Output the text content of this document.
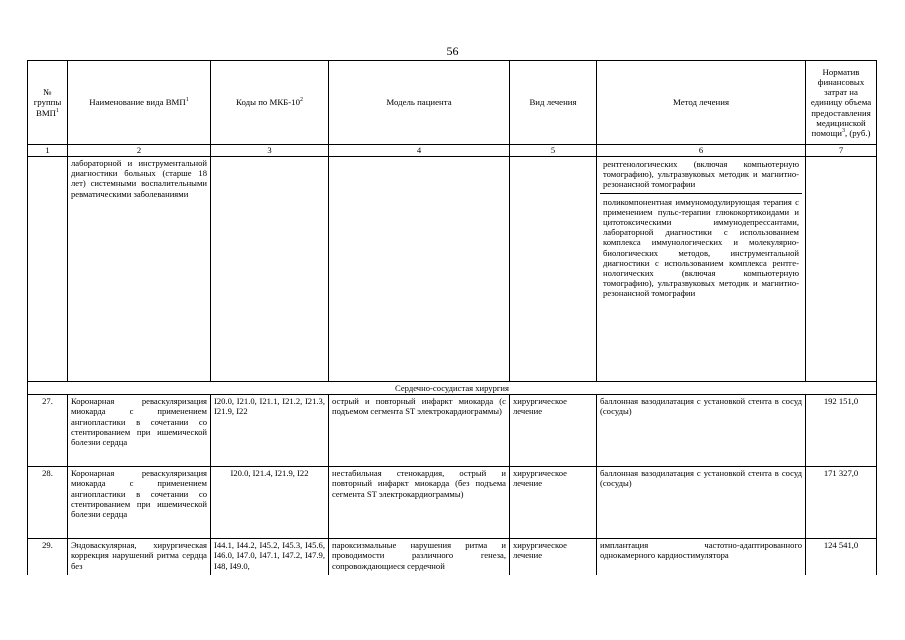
56
№ группы ВМП$^1$	Наименование вида ВМП$^1$	Коды по МКБ-$10^2$	Модель пациента	Вид лечения	Метод лечения	Норматив финансовых затрат на единицу объема предоставления медицинской помощи$^3$, (руб.)
1	2	3	4	5	6	7
	лабораторной и инструментальной диагностики больных (старше 18 лет) системными воспалительными ревматическими заболеваниями				рентгенологических (включая компьютерную томографию), ультразвуковых методик и магнитно-резонансной томографии
поликомпонентная иммуномодулирующая терапия с применением пульс-терапии глюкокортикоидами и цитотоксическими иммунодепрессантами, лабораторной диагностики с использованием комплекса иммунологических и молекулярно-биологических методов, инструментальной диагностики с использованием комплекса рентге-нологических (включая компьютерную томографию), ультразвуковых методик и магнитно-резонансной томографии	

Сердечно-сосудистая хирургия						
27.	Коронарная реваскуляризация миокарда с применением ангиопластики в сочетании со стентированием при ишемической болезни сердца	I20.0, I21.0, I21.1, I21.2, I21.3, I21.9, I22	острый и повторный инфаркт миокарда (с подъемом сегмента ST электрокардиограммы)	хирургическое лечение	баллонная вазодилатация с установкой стента в сосуд (сосуды)	192 151,0
28.	Коронарная реваскуляризация миокарда с применением ангиопластики в сочетании со стентированием при ишемической болезни сердца	I20.0, I21.4, I21.9, I22	нестабильная стенокардия, острый и повторный инфаркт миокарда (без подъема сегмента ST электрокардиограммы)	хирургическое лечение	баллонная вазодилатация с установкой стента в сосуд (сосуды)	171 327,0
29.	Эндоваскулярная, хирургическая коррекция нарушений ритма сердца без	I44.1, I44.2, I45.2, I45.3, I45.6, I46.0, I47.0, I47.1, I47.2, I47.9, I48, I49.0,	пароксизмальные нарушения ритма и проводимости различного генеза, сопровождающиеся сердечной	хирургическое лечение	имплантация частотно-адаптированного однокамерного кардиостимулятора	124 541,0
